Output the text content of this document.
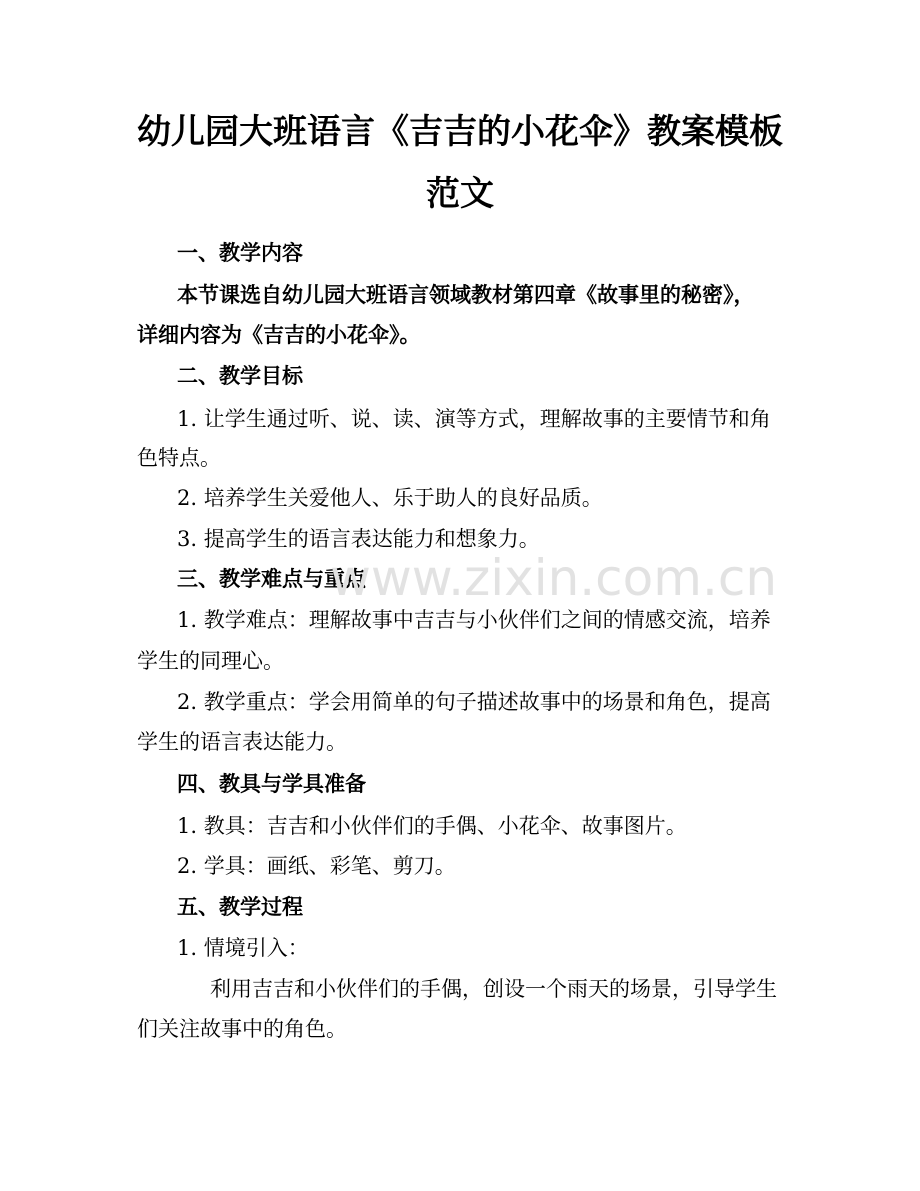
幼儿园大班语言《吉吉的小花伞》教案模板
范文
一、教学内容
本节课选自幼儿园大班语言领域教材第四章《故事里的秘密》，
详细内容为《吉吉的小花伞》。
二、教学目标
1. 让学生通过听、说、读、演等方式，理解故事的主要情节和角
色特点。
2. 培养学生关爱他人、乐于助人的良好品质。
3. 提高学生的语言表达能力和想象力。
三、教学难点与重点
1. 教学难点：理解故事中吉吉与小伙伴们之间的情感交流，培养
学生的同理心。
2. 教学重点：学会用简单的句子描述故事中的场景和角色，提高
学生的语言表达能力。
四、教具与学具准备
1. 教具：吉吉和小伙伴们的手偶、小花伞、故事图片。
2. 学具：画纸、彩笔、剪刀。
五、教学过程
1. 情境引入：
利用吉吉和小伙伴们的手偶，创设一个雨天的场景，引导学生
们关注故事中的角色。
www.zixin.com.cn
